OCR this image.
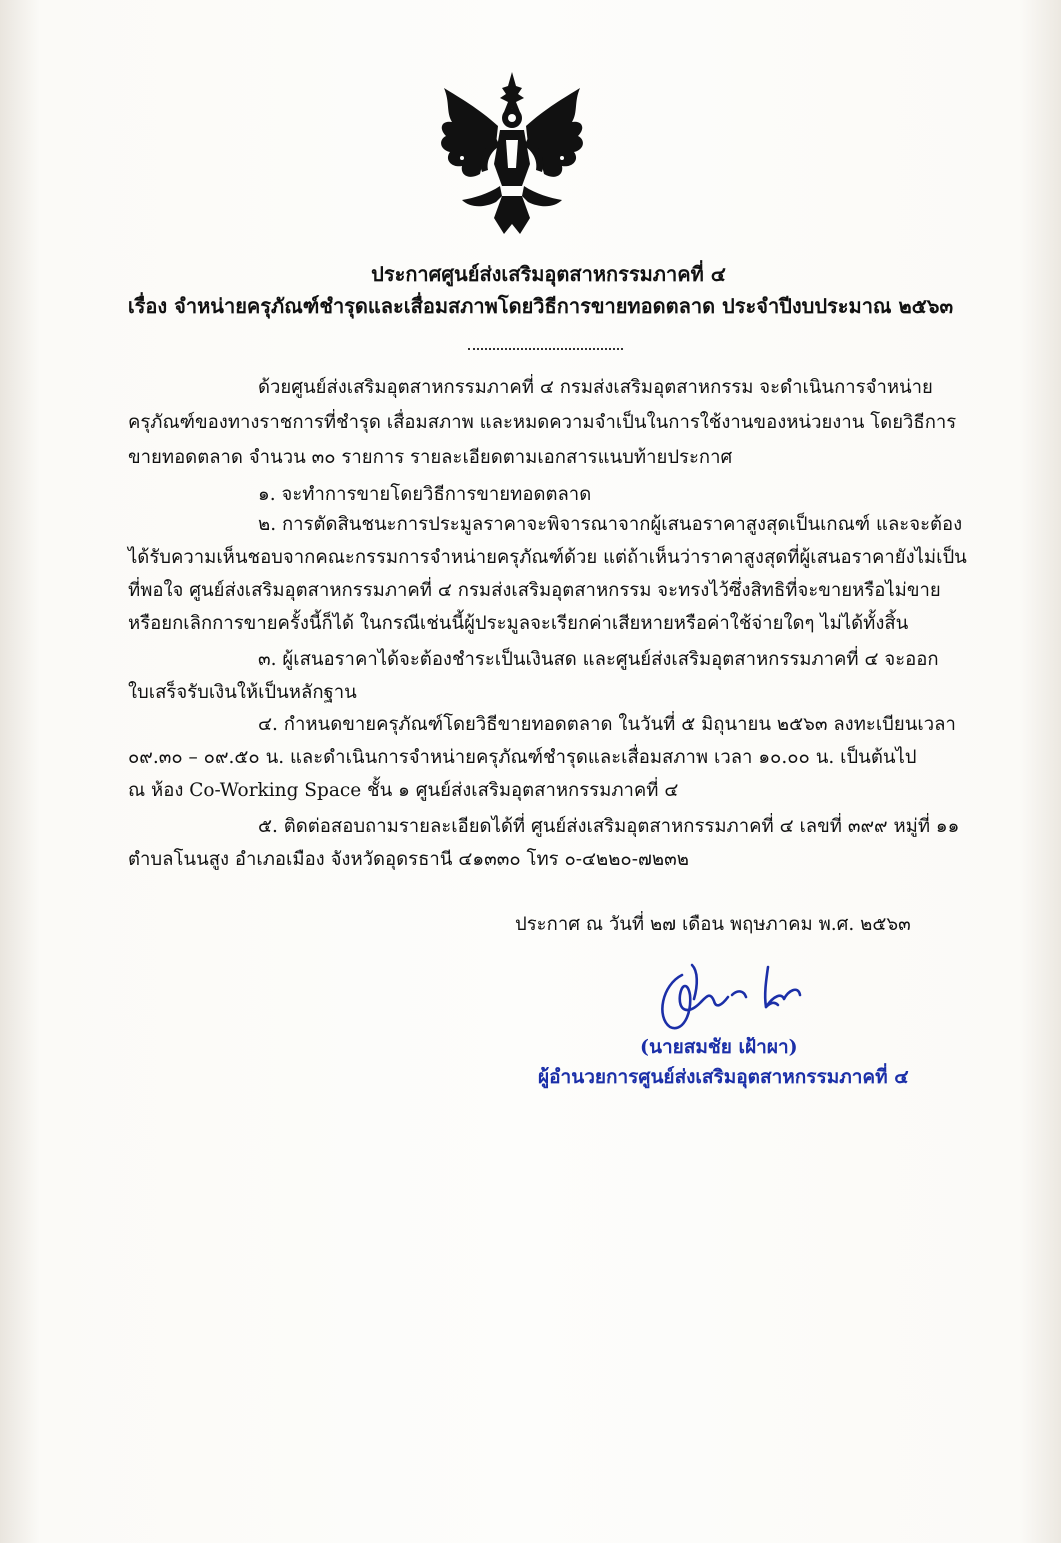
ประกาศศูนย์ส่งเสริมอุตสาหกรรมภาคที่ ๔
เรื่อง จำหน่ายครุภัณฑ์ชำรุดและเสื่อมสภาพโดยวิธีการขายทอดตลาด ประจำปีงบประมาณ ๒๕๖๓
ด้วยศูนย์ส่งเสริมอุตสาหกรรมภาคที่ ๔ กรมส่งเสริมอุตสาหกรรม จะดำเนินการจำหน่าย
ครุภัณฑ์ของทางราชการที่ชำรุด เสื่อมสภาพ และหมดความจำเป็นในการใช้งานของหน่วยงาน โดยวิธีการ
ขายทอดตลาด จำนวน ๓๐ รายการ รายละเอียดตามเอกสารแนบท้ายประกาศ
๑. จะทำการขายโดยวิธีการขายทอดตลาด
๒. การตัดสินชนะการประมูลราคาจะพิจารณาจากผู้เสนอราคาสูงสุดเป็นเกณฑ์ และจะต้อง
ได้รับความเห็นชอบจากคณะกรรมการจำหน่ายครุภัณฑ์ด้วย แต่ถ้าเห็นว่าราคาสูงสุดที่ผู้เสนอราคายังไม่เป็น
ที่พอใจ ศูนย์ส่งเสริมอุตสาหกรรมภาคที่ ๔ กรมส่งเสริมอุตสาหกรรม จะทรงไว้ซึ่งสิทธิที่จะขายหรือไม่ขาย
หรือยกเลิกการขายครั้งนี้ก็ได้ ในกรณีเช่นนี้ผู้ประมูลจะเรียกค่าเสียหายหรือค่าใช้จ่ายใดๆ ไม่ได้ทั้งสิ้น
๓. ผู้เสนอราคาได้จะต้องชำระเป็นเงินสด และศูนย์ส่งเสริมอุตสาหกรรมภาคที่ ๔ จะออก
ใบเสร็จรับเงินให้เป็นหลักฐาน
๔. กำหนดขายครุภัณฑ์โดยวิธีขายทอดตลาด ในวันที่ ๕ มิถุนายน ๒๕๖๓ ลงทะเบียนเวลา
๐๙.๓๐ – ๐๙.๕๐ น. และดำเนินการจำหน่ายครุภัณฑ์ชำรุดและเสื่อมสภาพ เวลา ๑๐.๐๐ น. เป็นต้นไป
ณ ห้อง Co-Working Space ชั้น ๑ ศูนย์ส่งเสริมอุตสาหกรรมภาคที่ ๔
๕. ติดต่อสอบถามรายละเอียดได้ที่ ศูนย์ส่งเสริมอุตสาหกรรมภาคที่ ๔ เลขที่ ๓๙๙ หมู่ที่ ๑๑
ตำบลโนนสูง อำเภอเมือง จังหวัดอุดรธานี ๔๑๓๓๐ โทร ๐-๔๒๒๐-๗๒๓๒
ประกาศ ณ วันที่ ๒๗ เดือน พฤษภาคม พ.ศ. ๒๕๖๓
(นายสมชัย เฝ้าผา)
ผู้อำนวยการศูนย์ส่งเสริมอุตสาหกรรมภาคที่ ๔
